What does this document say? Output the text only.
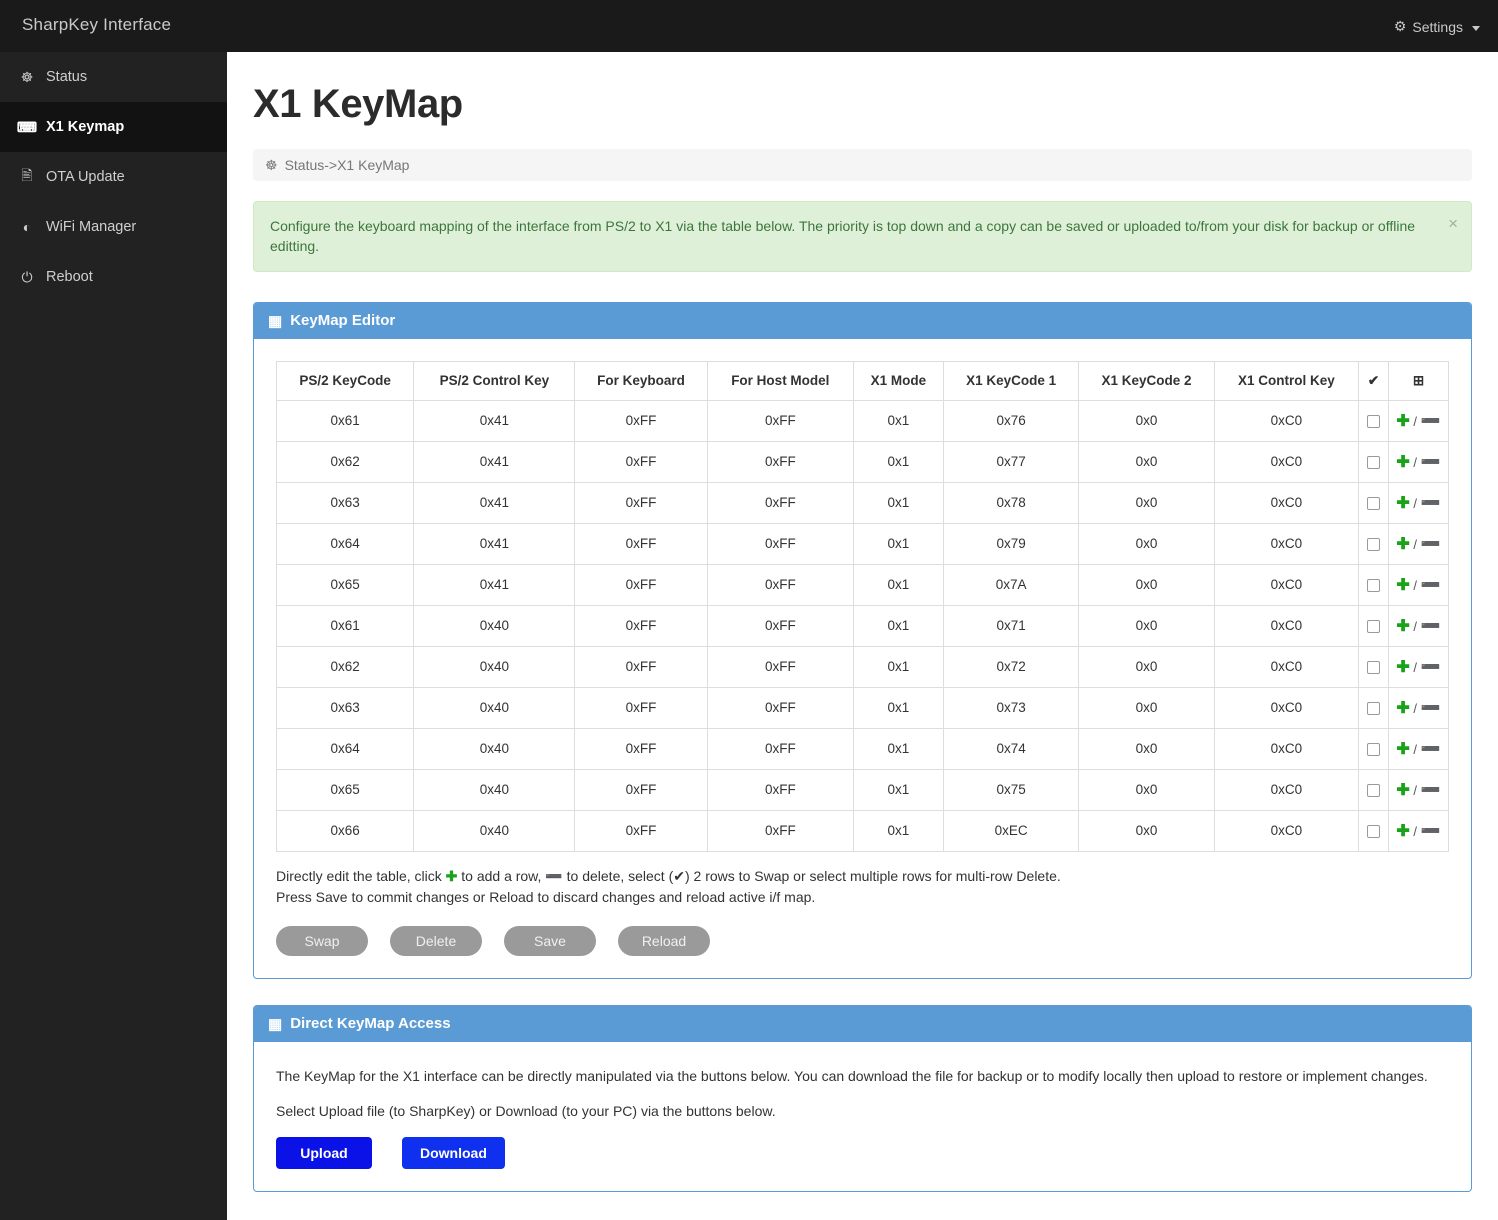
SharpKey Interface	⚙ Settings
☸ Status
⌨ X1 Keymap
🖹 OTA Update
◐	WiFi Manager
⏻ Reboot
X1 KeyMap
☸ Status->X1 KeyMap
×
Configure the keyboard mapping of the interface from PS/2 to X1 via the table below. The priority is top down and a copy can be saved or uploaded to/from your disk for backup or offline editting.
▦ KeyMap Editor
PS/2 KeyCode	PS/2 Control Key	For Keyboard	For Host Model	X1 Mode	X1 KeyCode 1	X1 KeyCode 2	X1 Control Key	✔	⊞
0x61	0x41	0xFF	0xFF	0x1	0x76	0x0	0xC0		✚ / ➖
0x62	0x41	0xFF	0xFF	0x1	0x77	0x0	0xC0		✚ / ➖
0x63	0x41	0xFF	0xFF	0x1	0x78	0x0	0xC0		✚ / ➖
0x64	0x41	0xFF	0xFF	0x1	0x79	0x0	0xC0		✚ / ➖
0x65	0x41	0xFF	0xFF	0x1	0x7A	0x0	0xC0		✚ / ➖
0x61	0x40	0xFF	0xFF	0x1	0x71	0x0	0xC0		✚ / ➖
0x62	0x40	0xFF	0xFF	0x1	0x72	0x0	0xC0		✚ / ➖
0x63	0x40	0xFF	0xFF	0x1	0x73	0x0	0xC0		✚ / ➖
0x64	0x40	0xFF	0xFF	0x1	0x74	0x0	0xC0		✚ / ➖
0x65	0x40	0xFF	0xFF	0x1	0x75	0x0	0xC0		✚ / ➖
0x66	0x40	0xFF	0xFF	0x1	0xEC	0x0	0xC0		✚ / ➖
Directly edit the table, click ✚ to add a row, ➖ to delete, select (✔) 2 rows to Swap or select multiple rows for multi-row Delete.
Press Save to commit changes or Reload to discard changes and reload active i/f map.
Swap	Delete	Save	Reload
▦ Direct KeyMap Access
The KeyMap for the X1 interface can be directly manipulated via the buttons below. You can download the file for backup or to modify locally then upload to restore or implement changes.
Select Upload file (to SharpKey) or Download (to your PC) via the buttons below.
Upload	Download
